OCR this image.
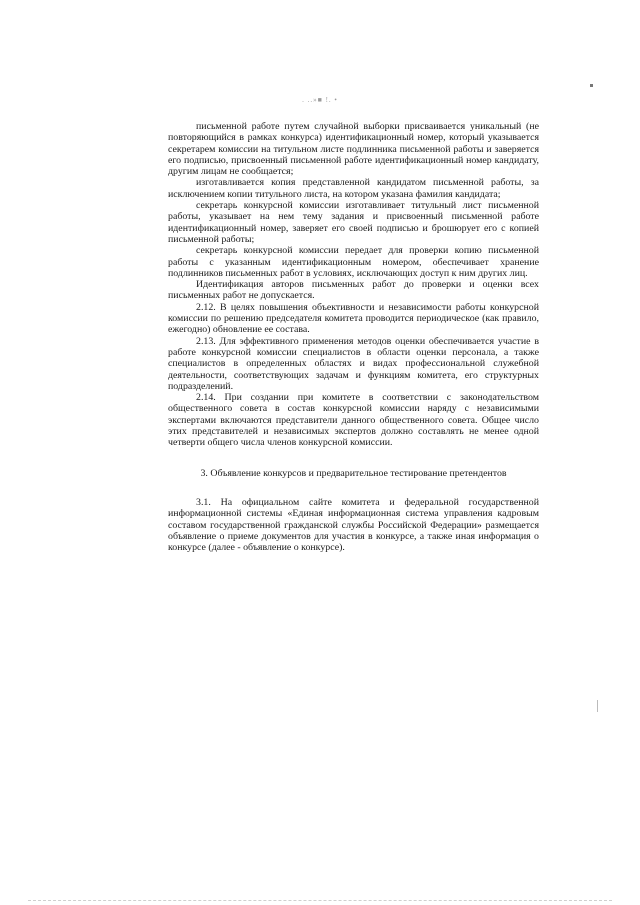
. ..»■ !. •

письменной работе путем случайной выборки присваивается уникальный (не повторяющийся в рамках конкурса) идентификационный номер, который указывается секретарем комиссии на титульном листе подлинника письменной работы и заверяется его подписью, присвоенный письменной работе идентификационный номер кандидату, другим лицам не сообщается;

изготавливается копия представленной кандидатом письменной работы, за исключением копии титульного листа, на котором указана фамилия кандидата;

секретарь конкурсной комиссии изготавливает титульный лист письменной работы, указывает на нем тему задания и присвоенный письменной работе идентификационный номер, заверяет его своей подписью и брошюрует его с копией письменной работы;

секретарь конкурсной комиссии передает для проверки копию письменной работы с указанным идентификационным номером, обеспечивает хранение подлинников письменных работ в условиях, исключающих доступ к ним других лиц.

Идентификация авторов письменных работ до проверки и оценки всех письменных работ не допускается.

2.12. В целях повышения объективности и независимости работы конкурсной комиссии по решению председателя комитета проводится периодическое (как правило, ежегодно) обновление ее состава.

2.13. Для эффективного применения методов оценки обеспечивается участие в работе конкурсной комиссии специалистов в области оценки персонала, а также специалистов в определенных областях и видах профессиональной служебной деятельности, соответствующих задачам и функциям комитета, его структурных подразделений.

2.14. При создании при комитете в соответствии с законодательством общественного совета в состав конкурсной комиссии наряду с независимыми экспертами включаются представители данного общественного совета. Общее число этих представителей и независимых экспертов должно составлять не менее одной четверти общего числа членов конкурсной комиссии.

3. Объявление конкурсов и предварительное тестирование претендентов

3.1. На официальном сайте комитета и федеральной государственной информационной системы «Единая информационная система управления кадровым составом государственной гражданской службы Российской Федерации» размещается объявление о приеме документов для участия в конкурсе, а также иная информация о конкурсе (далее - объявление о конкурсе).
